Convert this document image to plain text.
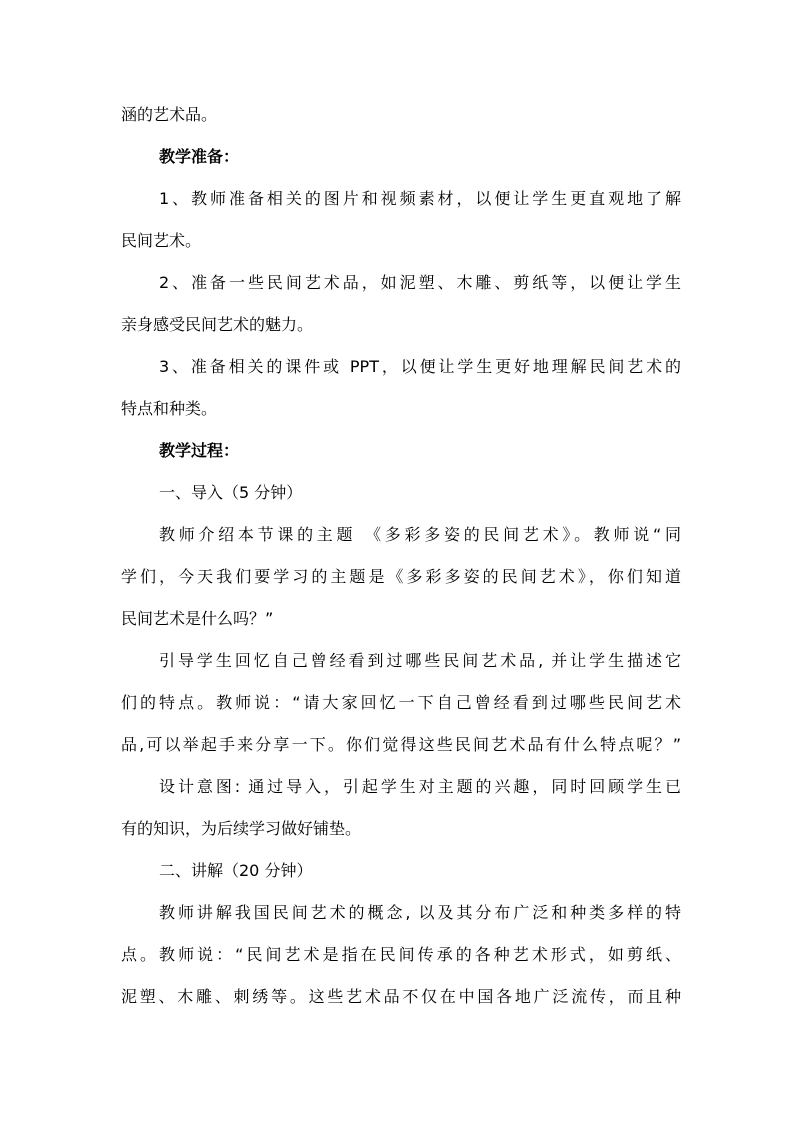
涵的艺术品。
教学准备：
1、教师准备相关的图片和视频素材，以便让学生更直观地了解
民间艺术。
2、准备一些民间艺术品，如泥塑、木雕、剪纸等，以便让学生
亲身感受民间艺术的魅力。
3、准备相关的课件或 PPT，以便让学生更好地理解民间艺术的
特点和种类。
教学过程：
一、导入（5 分钟）
教师介绍本节课的主题 《多彩多姿的民间艺术》。教师说“同
学们，今天我们要学习的主题是《多彩多姿的民间艺术》，你们知道
民间艺术是什么吗？”
引导学生回忆自己曾经看到过哪些民间艺术品, 并让学生描述它
们的特点。教师说：“请大家回忆一下自己曾经看到过哪些民间艺术
品,可以举起手来分享一下。你们觉得这些民间艺术品有什么特点呢？”
设计意图: 通过导入，引起学生对主题的兴趣，同时回顾学生已
有的知识，为后续学习做好铺垫。
二、讲解（20 分钟）
教师讲解我国民间艺术的概念, 以及其分布广泛和种类多样的特
点。教师说：“民间艺术是指在民间传承的各种艺术形式，如剪纸、
泥塑、木雕、刺绣等。这些艺术品不仅在中国各地广泛流传，而且种
